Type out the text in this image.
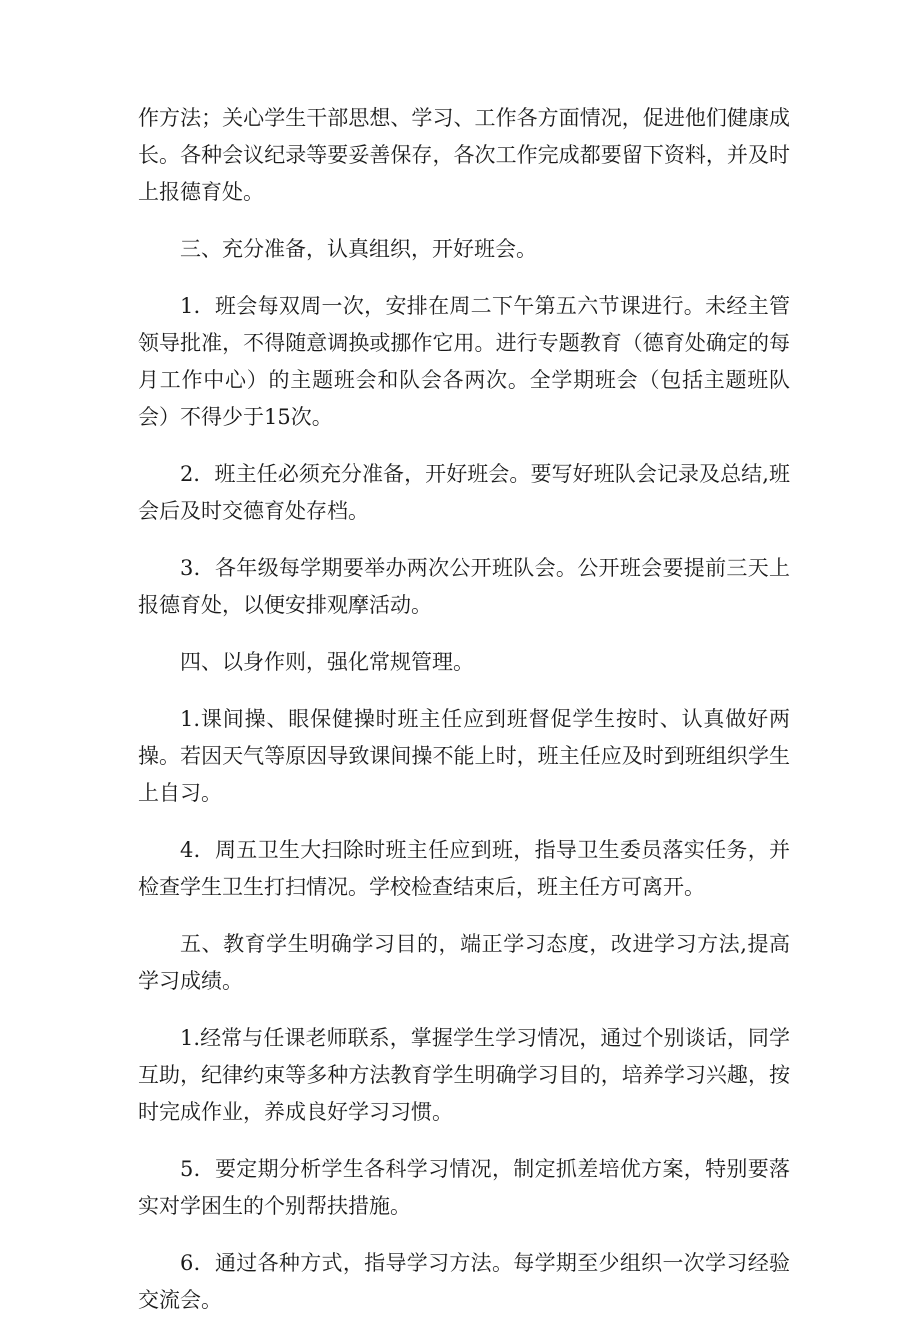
作方法；关心学生干部思想、学习、工作各方面情况，促进他们健康成长。各种会议纪录等要妥善保存，各次工作完成都要留下资料，并及时上报德育处。

三、充分准备，认真组织，开好班会。

1．班会每双周一次，安排在周二下午第五六节课进行。未经主管领导批准，不得随意调换或挪作它用。进行专题教育（德育处确定的每月工作中心）的主题班会和队会各两次。全学期班会（包括主题班队会）不得少于15次。

2．班主任必须充分准备，开好班会。要写好班队会记录及总结,班会后及时交德育处存档。

3．各年级每学期要举办两次公开班队会。公开班会要提前三天上报德育处，以便安排观摩活动。

四、以身作则，强化常规管理。

1.课间操、眼保健操时班主任应到班督促学生按时、认真做好两操。若因天气等原因导致课间操不能上时，班主任应及时到班组织学生上自习。

4．周五卫生大扫除时班主任应到班，指导卫生委员落实任务，并检查学生卫生打扫情况。学校检查结束后，班主任方可离开。

五、教育学生明确学习目的，端正学习态度，改进学习方法,提高学习成绩。

1.经常与任课老师联系，掌握学生学习情况，通过个别谈话，同学互助，纪律约束等多种方法教育学生明确学习目的，培养学习兴趣，按时完成作业，养成良好学习习惯。

5．要定期分析学生各科学习情况，制定抓差培优方案，特别要落实对学困生的个别帮扶措施。

6．通过各种方式，指导学习方法。每学期至少组织一次学习经验交流会。
